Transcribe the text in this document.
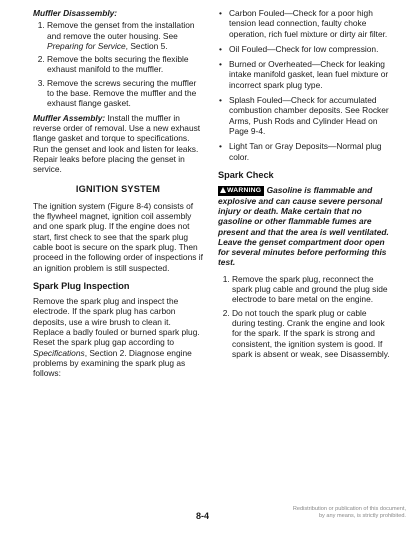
Muffler Disassembly:
1. Remove the genset from the installation and remove the outer housing. See Preparing for Service, Section 5.
2. Remove the bolts securing the flexible exhaust manifold to the muffler.
3. Remove the screws securing the muffler to the base. Remove the muffler and the exhaust flange gasket.

Muffler Assembly: Install the muffler in reverse order of removal. Use a new exhaust flange gasket and torque to specifications. Run the genset and look and listen for leaks. Repair leaks before placing the genset in service.

IGNITION SYSTEM

The ignition system (Figure 8-4) consists of the flywheel magnet, ignition coil assembly and one spark plug. If the engine does not start, first check to see that the spark plug cable boot is secure on the spark plug. Then proceed in the following order of inspections if an ignition problem is still suspected.

Spark Plug Inspection

Remove the spark plug and inspect the electrode. If the spark plug has carbon deposits, use a wire brush to clean it. Replace a badly fouled or burned spark plug. Reset the spark plug gap according to Specifications, Section 2. Diagnose engine problems by examining the spark plug as follows:

• Carbon Fouled—Check for a poor high tension lead connection, faulty choke operation, rich fuel mixture or dirty air filter.
• Oil Fouled—Check for low compression.
• Burned or Overheated—Check for leaking intake manifold gasket, lean fuel mixture or incorrect spark plug type.
• Splash Fouled—Check for accumulated combustion chamber deposits. See Rocker Arms, Push Rods and Cylinder Head on Page 9-4.
• Light Tan or Gray Deposits—Normal plug color.
Spark Check

WARNING Gasoline is flammable and explosive and can cause severe personal injury or death. Make certain that no gasoline or other flammable fumes are present and that the area is well ventilated. Leave the genset compartment door open for several minutes before performing this test.

1. Remove the spark plug, reconnect the spark plug cable and ground the plug side electrode to bare metal on the engine.
2. Do not touch the spark plug or cable during testing. Crank the engine and look for the spark. If the spark is strong and consistent, the ignition system is good. If spark is absent or weak, see Disassembly.
8-4
Redistribution or publication of this document,
by any means, is strictly prohibited.
